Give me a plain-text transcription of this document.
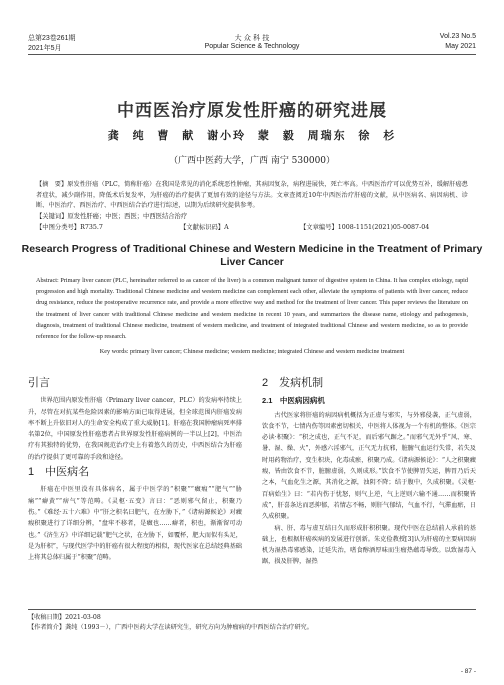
总第23卷261期	大 众 科 技	Vol.23 No.5
2021年5月	Popular Science & Technology	May 2021
中西医治疗原发性肝癌的研究进展
龚 纯 曹 献 谢小玲 蒙 毅 周瑞东 徐 杉
（广西中医药大学，广西 南宁 530000）
【摘　要】原发性肝癌（PLC，简称肝癌）在我国是常见的消化系统恶性肿瘤，其病因复杂，病程进展快，死亡率高。中西医治疗可以优势互补，缓解肝癌患者症状，减少副作用，降低术后复发率，为肝癌的治疗提供了更加有效的途径与方法。文章查阅近10年中西医治疗肝癌的文献，从中医病名、病因病机、诊断、中医治疗、西医治疗、中西医结合治疗进行综述，以期为后续研究提供参考。
【关键词】原发性肝癌；中医；西医；中西医结合治疗
【中图分类号】R735.7	【文献标识码】A	【文章编号】1008-1151(2021)05-0087-04
Research Progress of Traditional Chinese and Western Medicine in the Treatment of Primary Liver Cancer
Abstract: Primary liver cancer (PLC, hereinafter referred to as cancer of the liver) is a common malignant tumor of digestive system in China. It has complex etiology, rapid progression and high mortality. Traditional Chinese medicine and western medicine can complement each other, alleviate the symptoms of patients with liver cancer, reduce drug resistance, reduce the postoperative recurrence rate, and provide a more effective way and method for the treatment of liver cancer. This paper reviews the literature on the treatment of liver cancer with traditional Chinese medicine and western medicine in recent 10 years, and summarizes the disease name, etiology and pathogenesis, diagnosis, treatment of traditional Chinese medicine, treatment of western medicine, and treatment of integrated traditional Chinese and western medicine, so as to provide reference for the follow-up research.
Key words: primary liver cancer; Chinese medicine; western medicine; integrated Chinese and western medicine treatment
引言

世界范围内原发性肝癌（Primary liver cancer，PLC）的发病率持续上升，尽管在对抗某些危险因素的影响方面已取得进展，但全球范围内肝癌发病率不断上升依旧对人的生命安全构成了重大威胁[1]。肝癌在我国肿瘤病死率排名第2位，中国原发性肝癌患者占世界原发性肝癌病例的一半以上[2]，中医治疗有其独特的优势，在我国规范治疗史上有着悠久的历史，中西医结合为肝癌的治疗提供了更可靠的手段和途径。

1　中医病名

肝癌在中医里没有具体病名，属于中医学的“积聚”“癥瘕”“肥气”“胁痛”“癖黄”“痞气”等范畴。《灵枢·五变》言曰：“恶则邪气留止，积聚乃伤。”《难经·五十六难》中“肝之积名曰肥气，在左胁下，”《诸病源候论》对癥瘕积聚进行了详细分辨，“盘牢不移者，是癥也……癖者，积也，渐渐留可动也。”《济生方》中详细记载“肥气之状，在左胁下，如覆杯，肥大而似有头足，是为肝积”，与现代医学中的肝癌有很大程度的相似，现代医家在总结经典基础上将其总体归属于“积聚”范畴。

2　发病机制
2.1　中医病因病机

古代医家将肝癌的病因病机概括为正虚与邪实，与外邪侵袭，正气虚弱，饮食不节，七情内伤等因素密切相关，中医将人体视为一个有机的整体。《医宗必读·积聚》：“积之成也，正气不足，而后邪气踞之。”而邪气无外乎“风、寒、暑、湿、燥、火”，外感六淫邪气，正气无力抗邪，脏腑气血运行失常，若失及时用药物治疗，变生积块，化毒成瘀，积聚乃成。《诸病源候论》：“人之积聚癥瘕，皆由饮食不节，脏腑虚弱，久则成形。”饮食不节使脾胃失运，脾胃乃后天之本，气血化生之源，其消化之源，浊阴不降；结于腹中，久成积聚。《灵枢·百病始生》曰：“若内伤于忧怒，则气上逆，气上逆则六输不通……而积聚皆成”，肝喜条达而恶抑郁，若情志不畅，则肝气郁结，气血不行，气滞血瘀，日久成积聚。

病、肝、毒与虚互结日久而形成肝积积聚。现代中医在总结前人承前的基础上，也根据肝癌疾病的发展进行创新。朱克俭教授[3]认为肝癌的主要病因病机为湿热毒邪感染，迁延失治，嗜食醇酒厚味而生瘤热蕴毒导致。以致湿毒入踞，损及肝脾，湿热

【收稿日期】2021-03-08
【作者简介】龚纯（1993－），广西中医药大学在读研究生，研究方向为肿瘤病的中西医结合治疗研究。
- 87 -
